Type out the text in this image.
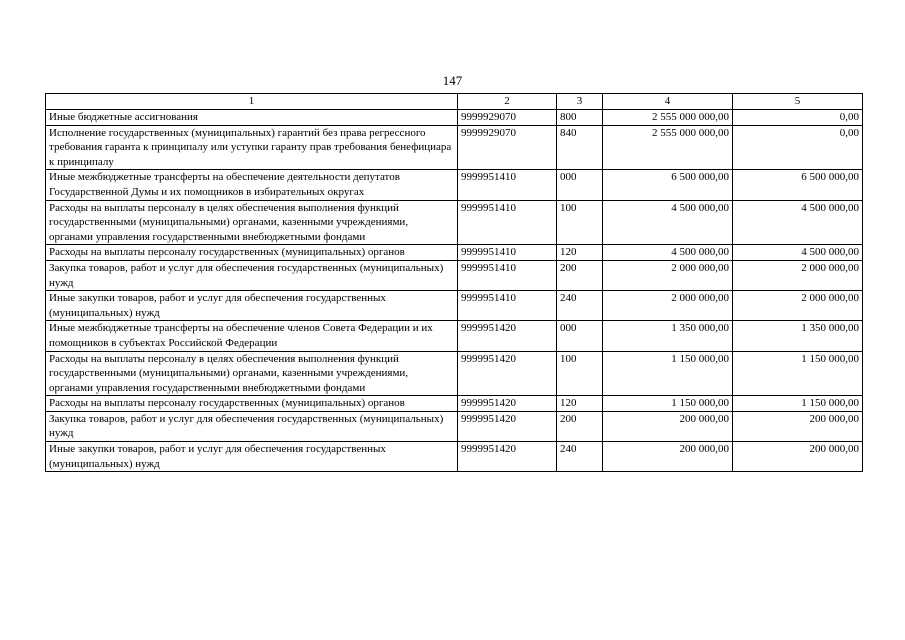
147
1	2	3	4	5
Иные бюджетные ассигнования	9999929070	800	2 555 000 000,00	0,00
Исполнение государственных (муниципальных) гарантий без права регрессного требования гаранта к принципалу или уступки гаранту прав требования бенефициара к принципалу	9999929070	840	2 555 000 000,00	0,00
Иные межбюджетные трансферты на обеспечение деятельности депутатов Государственной Думы и их помощников в избирательных округах	9999951410	000	6 500 000,00	6 500 000,00
Расходы на выплаты персоналу в целях обеспечения выполнения функций государственными (муниципальными) органами, казенными учреждениями, органами управления государственными внебюджетными фондами	9999951410	100	4 500 000,00	4 500 000,00
Расходы на выплаты персоналу государственных (муниципальных) органов	9999951410	120	4 500 000,00	4 500 000,00
Закупка товаров, работ и услуг для обеспечения государственных (муниципальных) нужд	9999951410	200	2 000 000,00	2 000 000,00
Иные закупки товаров, работ и услуг для обеспечения государственных (муниципальных) нужд	9999951410	240	2 000 000,00	2 000 000,00
Иные межбюджетные трансферты на обеспечение членов Совета Федерации и их помощников в субъектах Российской Федерации	9999951420	000	1 350 000,00	1 350 000,00
Расходы на выплаты персоналу в целях обеспечения выполнения функций государственными (муниципальными) органами, казенными учреждениями, органами управления государственными внебюджетными фондами	9999951420	100	1 150 000,00	1 150 000,00
Расходы на выплаты персоналу государственных (муниципальных) органов	9999951420	120	1 150 000,00	1 150 000,00
Закупка товаров, работ и услуг для обеспечения государственных (муниципальных) нужд	9999951420	200	200 000,00	200 000,00
Иные закупки товаров, работ и услуг для обеспечения государственных (муниципальных) нужд	9999951420	240	200 000,00	200 000,00
